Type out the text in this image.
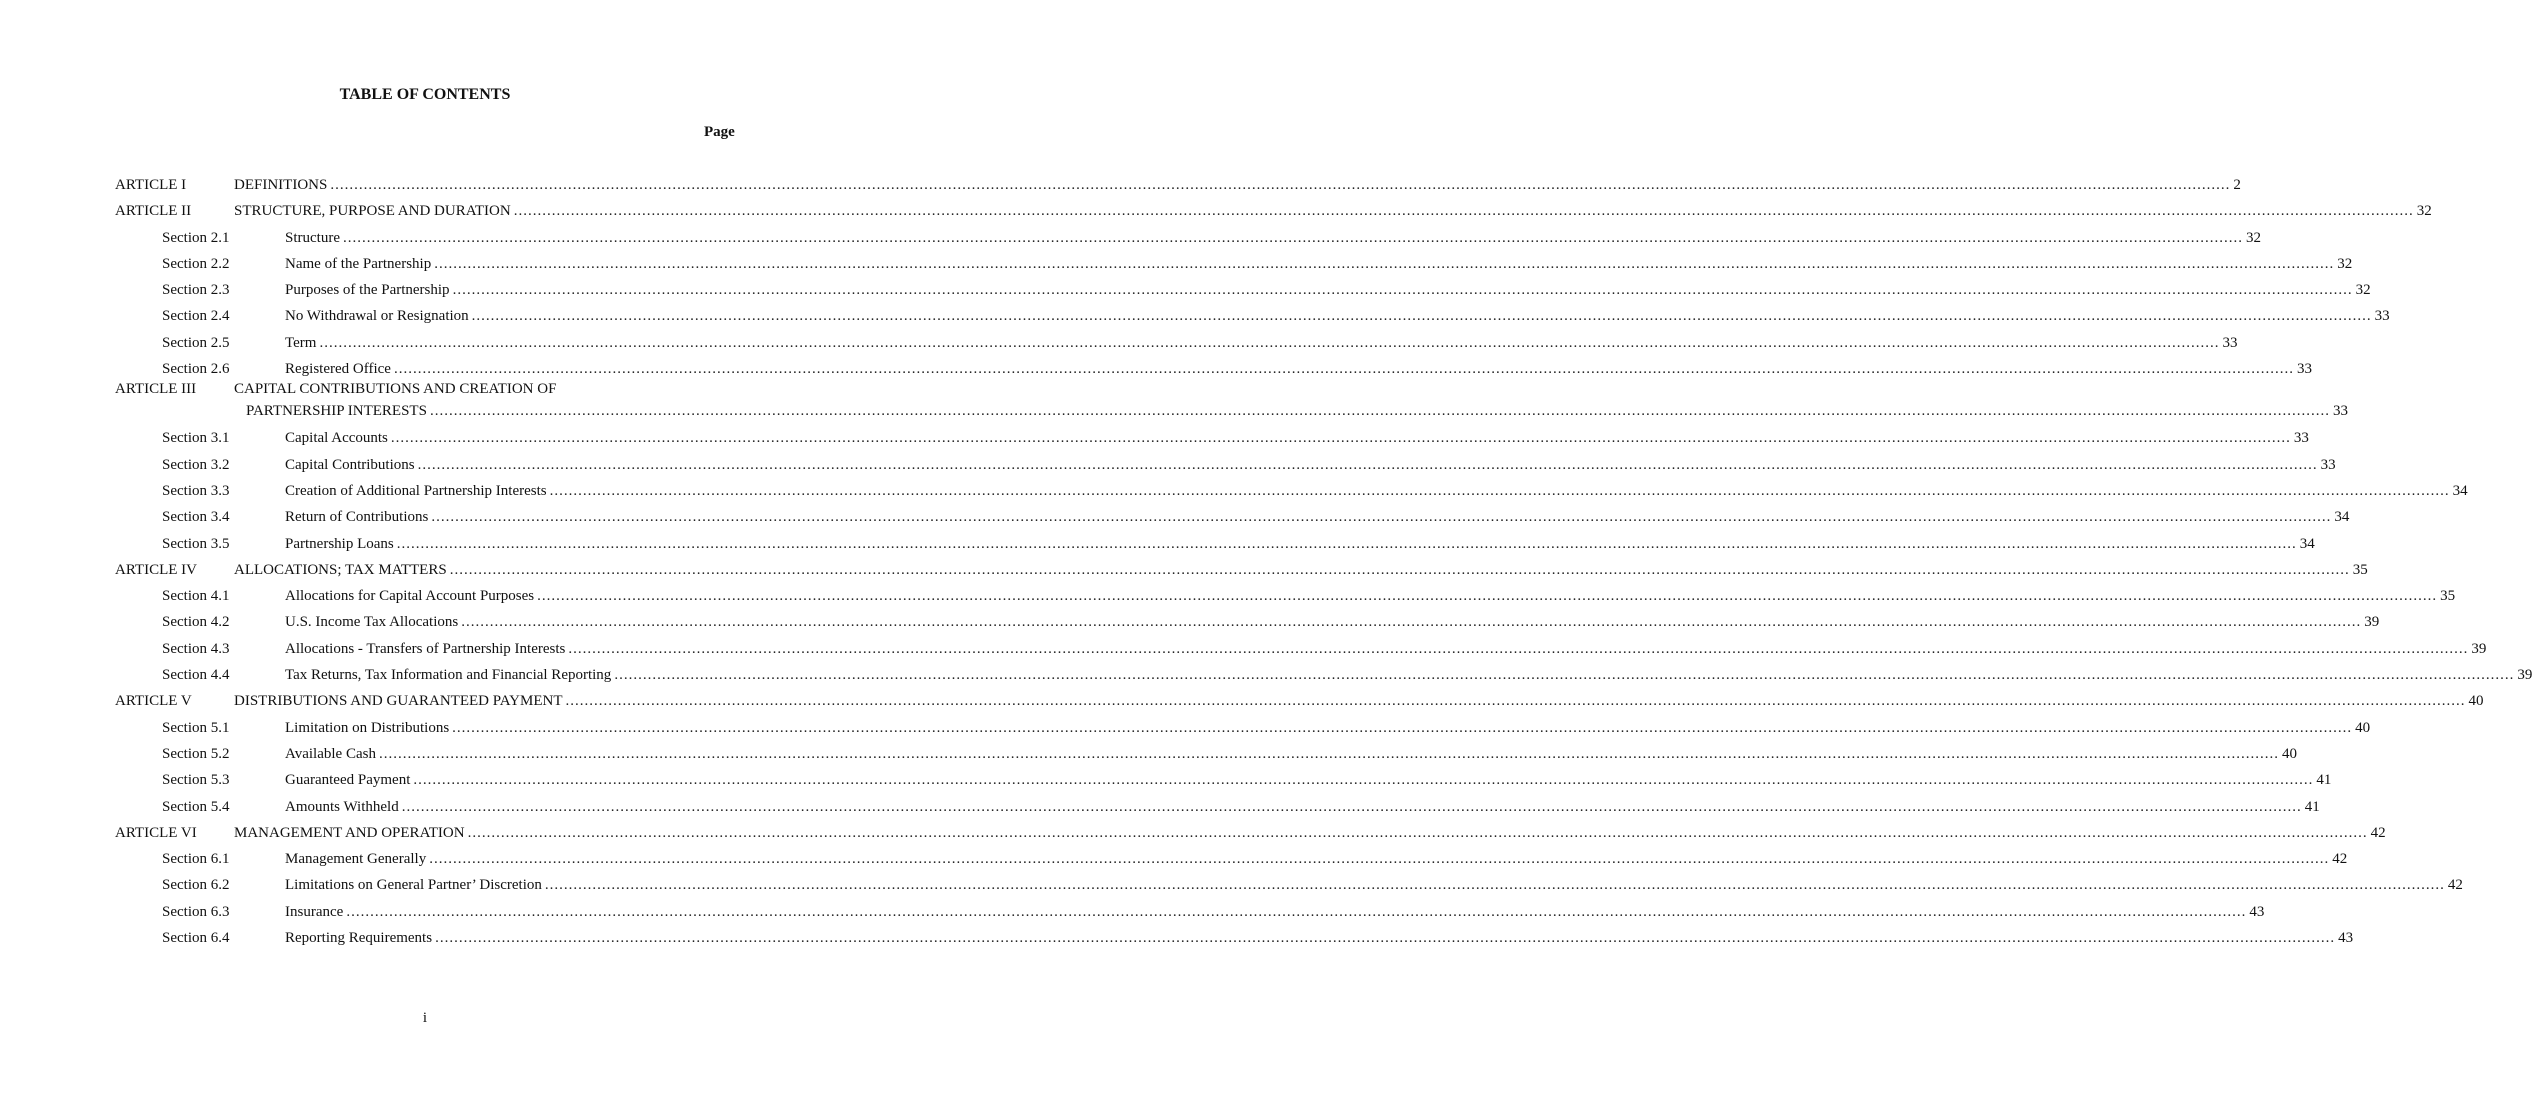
TABLE OF CONTENTS
Page
ARTICLE I	DEFINITIONS ................................................................................................................................................................................................................................................................................................................................................................................................................ 2
ARTICLE II	STRUCTURE, PURPOSE AND DURATION ................................................................................................................................................................................................................................................................................................................................................................................................................ 32
Section 2.1	Structure ................................................................................................................................................................................................................................................................................................................................................................................................................ 32
Section 2.2	Name of the Partnership ................................................................................................................................................................................................................................................................................................................................................................................................................ 32
Section 2.3	Purposes of the Partnership ................................................................................................................................................................................................................................................................................................................................................................................................................ 32
Section 2.4	No Withdrawal or Resignation ................................................................................................................................................................................................................................................................................................................................................................................................................ 33
Section 2.5	Term ................................................................................................................................................................................................................................................................................................................................................................................................................ 33
Section 2.6	Registered Office ................................................................................................................................................................................................................................................................................................................................................................................................................ 33
ARTICLE III	CAPITAL CONTRIBUTIONS AND CREATION OF
PARTNERSHIP INTERESTS ................................................................................................................................................................................................................................................................................................................................................................................................................ 33
Section 3.1	Capital Accounts ................................................................................................................................................................................................................................................................................................................................................................................................................ 33
Section 3.2	Capital Contributions ................................................................................................................................................................................................................................................................................................................................................................................................................ 33
Section 3.3	Creation of Additional Partnership Interests ................................................................................................................................................................................................................................................................................................................................................................................................................ 34
Section 3.4	Return of Contributions ................................................................................................................................................................................................................................................................................................................................................................................................................ 34
Section 3.5	Partnership Loans ................................................................................................................................................................................................................................................................................................................................................................................................................ 34
ARTICLE IV ALLOCATIONS; TAX MATTERS ................................................................................................................................................................................................................................................................................................................................................................................................................ 35
Section 4.1	Allocations for Capital Account Purposes ................................................................................................................................................................................................................................................................................................................................................................................................................ 35
Section 4.2	U.S. Income Tax Allocations ................................................................................................................................................................................................................................................................................................................................................................................................................ 39
Section 4.3	Allocations - Transfers of Partnership Interests ................................................................................................................................................................................................................................................................................................................................................................................................................ 39
Section 4.4	Tax Returns, Tax Information and Financial Reporting ................................................................................................................................................................................................................................................................................................................................................................................................................ 39
ARTICLE V	DISTRIBUTIONS AND GUARANTEED PAYMENT ................................................................................................................................................................................................................................................................................................................................................................................................................ 40
Section 5.1	Limitation on Distributions ................................................................................................................................................................................................................................................................................................................................................................................................................ 40
Section 5.2	Available Cash ................................................................................................................................................................................................................................................................................................................................................................................................................ 40
Section 5.3	Guaranteed Payment ................................................................................................................................................................................................................................................................................................................................................................................................................ 41
Section 5.4	Amounts Withheld ................................................................................................................................................................................................................................................................................................................................................................................................................ 41
ARTICLE VI MANAGEMENT AND OPERATION ................................................................................................................................................................................................................................................................................................................................................................................................................ 42
Section 6.1	Management Generally ................................................................................................................................................................................................................................................................................................................................................................................................................ 42
Section 6.2	Limitations on General Partner’ Discretion ................................................................................................................................................................................................................................................................................................................................................................................................................ 42
Section 6.3	Insurance ................................................................................................................................................................................................................................................................................................................................................................................................................ 43
Section 6.4	Reporting Requirements ................................................................................................................................................................................................................................................................................................................................................................................................................ 43
i
